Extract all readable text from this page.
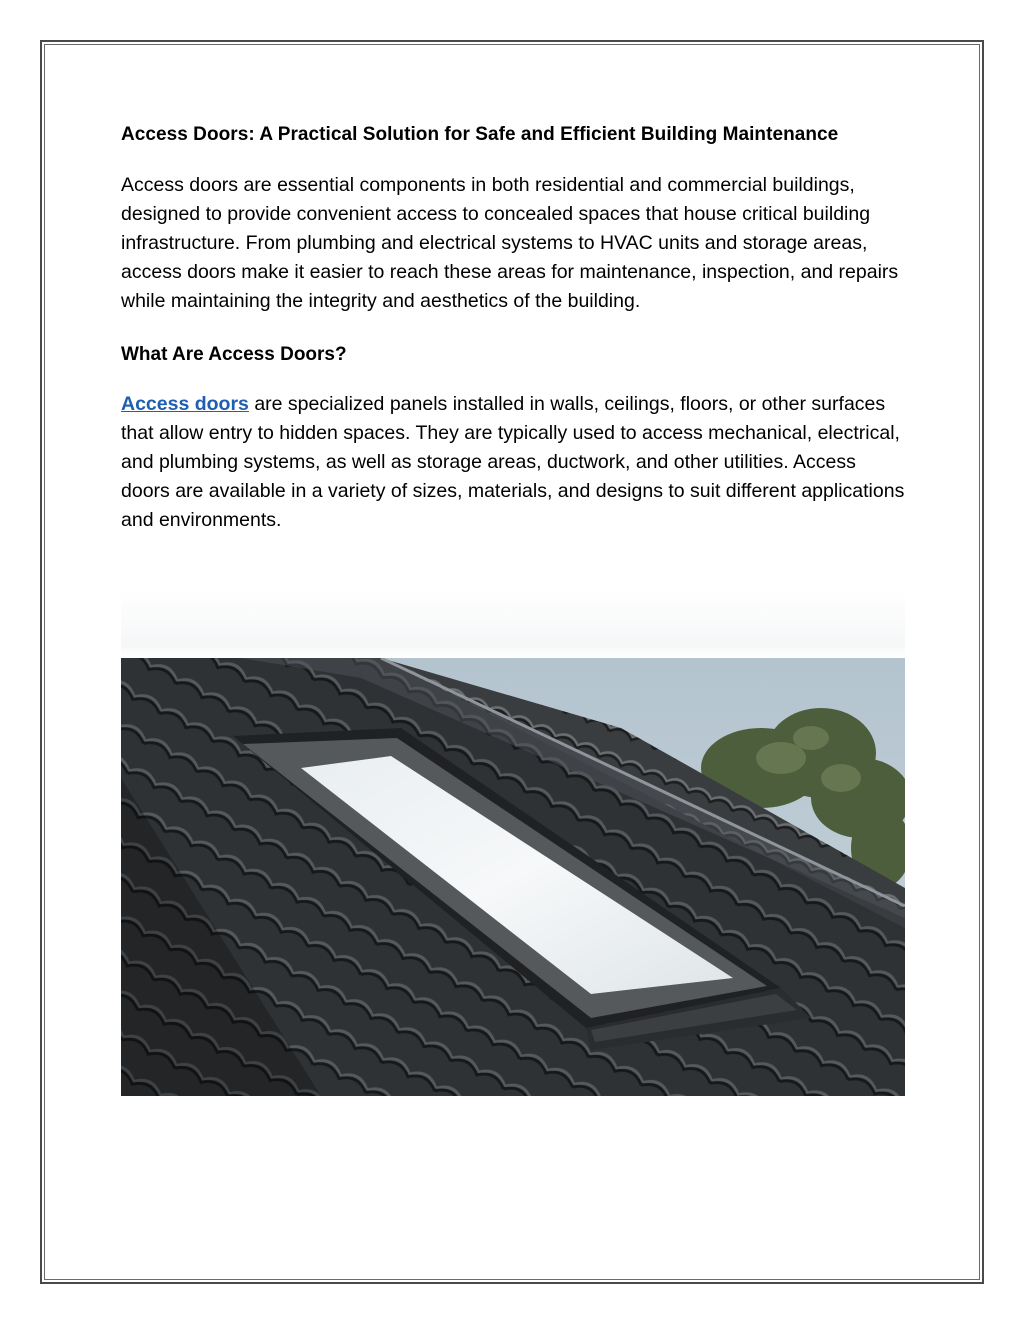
Access Doors: A Practical Solution for Safe and Efficient Building Maintenance

Access doors are essential components in both residential and commercial buildings, designed to provide convenient access to concealed spaces that house critical building infrastructure. From plumbing and electrical systems to HVAC units and storage areas, access doors make it easier to reach these areas for maintenance, inspection, and repairs while maintaining the integrity and aesthetics of the building.

What Are Access Doors?

Access doors are specialized panels installed in walls, ceilings, floors, or other surfaces that allow entry to hidden spaces. They are typically used to access mechanical, electrical, and plumbing systems, as well as storage areas, ductwork, and other utilities. Access doors are available in a variety of sizes, materials, and designs to suit different applications and environments.
